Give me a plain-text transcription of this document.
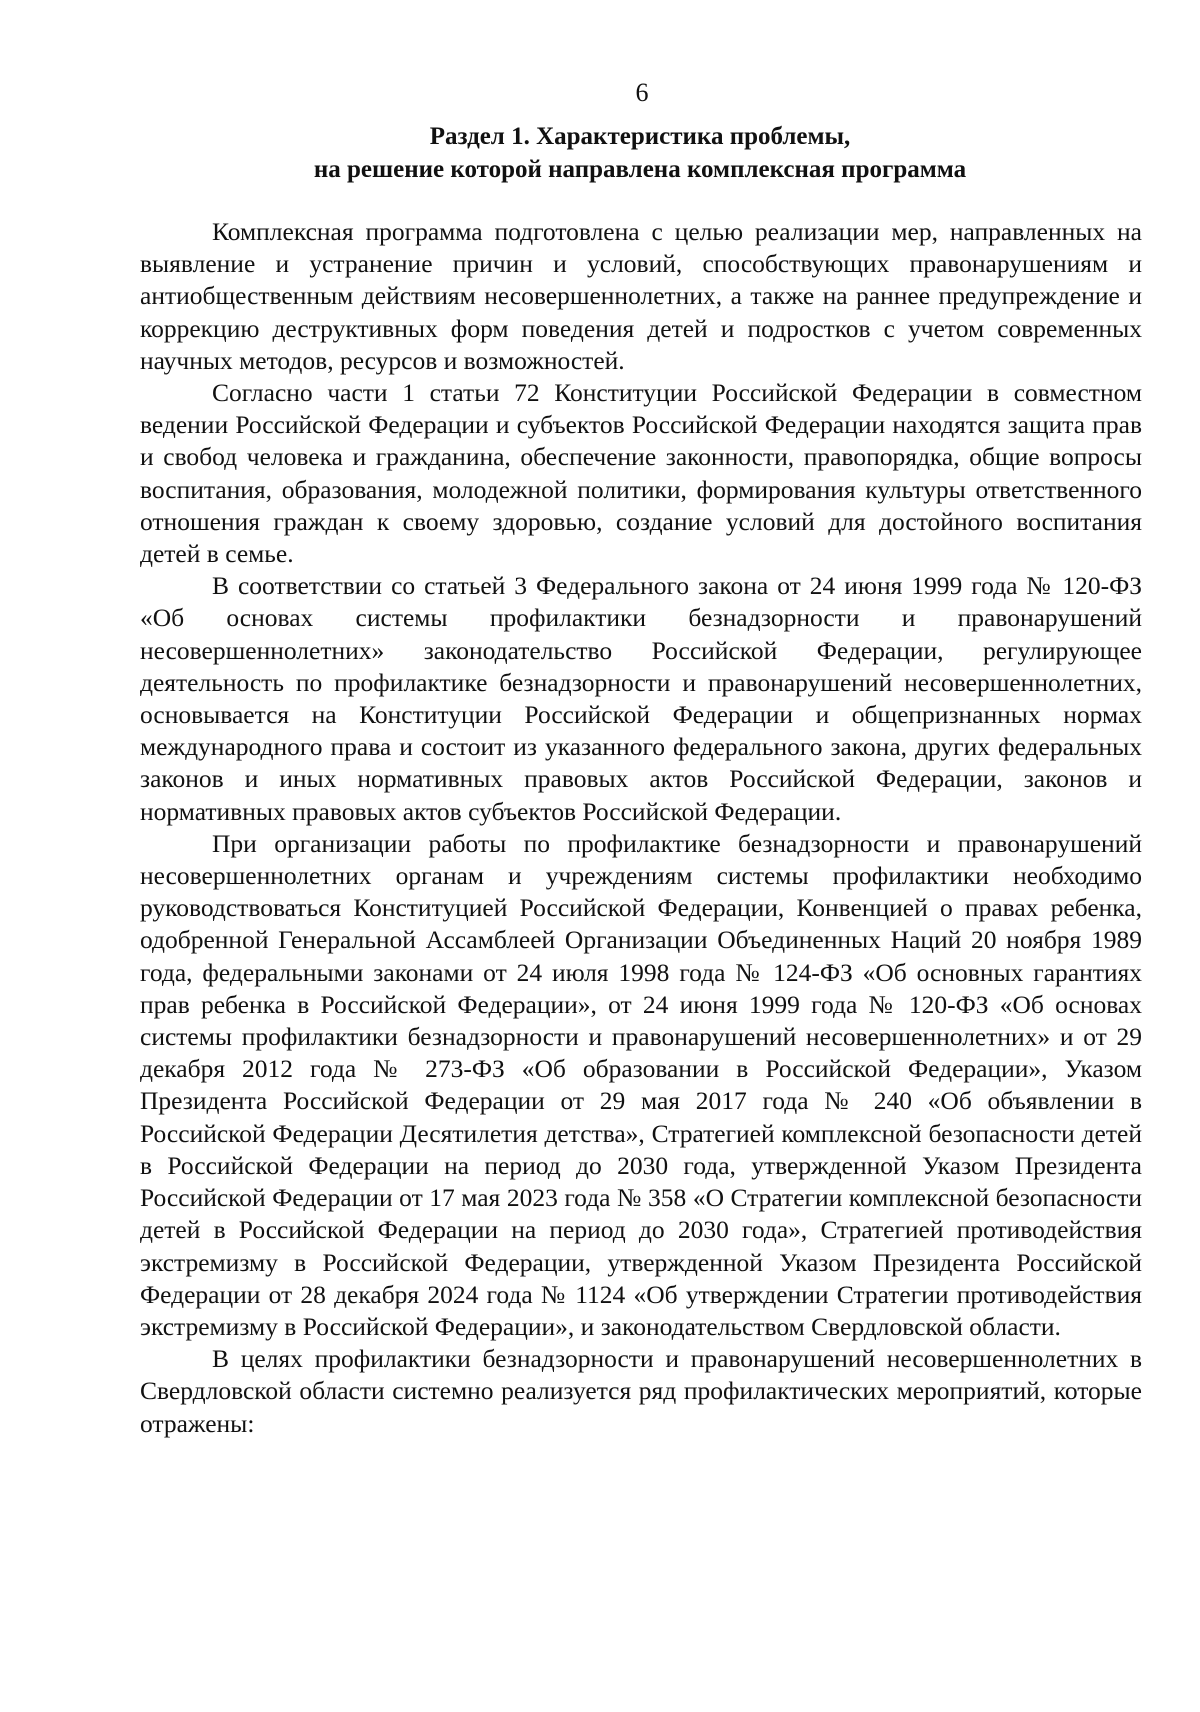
6
Раздел 1. Характеристика проблемы,
на решение которой направлена комплексная программа

Комплексная программа подготовлена с целью реализации мер, направленных на выявление и устранение причин и условий, способствующих правонарушениям и антиобщественным действиям несовершеннолетних, а также на раннее предупреждение и коррекцию деструктивных форм поведения детей и подростков с учетом современных научных методов, ресурсов и возможностей.

Согласно части 1 статьи 72 Конституции Российской Федерации в совместном ведении Российской Федерации и субъектов Российской Федерации находятся защита прав и свобод человека и гражданина, обеспечение законности, правопорядка, общие вопросы воспитания, образования, молодежной политики, формирования культуры ответственного отношения граждан к своему здоровью, создание условий для достойного воспитания детей в семье.

В соответствии со статьей 3 Федерального закона от 24 июня 1999 года № 120-ФЗ «Об основах системы профилактики безнадзорности и правонарушений несовершеннолетних» законодательство Российской Федерации, регулирующее деятельность по профилактике безнадзорности и правонарушений несовершеннолетних, основывается на Конституции Российской Федерации и общепризнанных нормах международного права и состоит из указанного федерального закона, других федеральных законов и иных нормативных правовых актов Российской Федерации, законов и нормативных правовых актов субъектов Российской Федерации.

При организации работы по профилактике безнадзорности и правонарушений несовершеннолетних органам и учреждениям системы профилактики необходимо руководствоваться Конституцией Российской Федерации, Конвенцией о правах ребенка, одобренной Генеральной Ассамблеей Организации Объединенных Наций 20 ноября 1989 года, федеральными законами от 24 июля 1998 года № 124-ФЗ «Об основных гарантиях прав ребенка в Российской Федерации», от 24 июня 1999 года № 120-ФЗ «Об основах системы профилактики безнадзорности и правонарушений несовершеннолетних» и от 29 декабря 2012 года № 273-ФЗ «Об образовании в Российской Федерации», Указом Президента Российской Федерации от 29 мая 2017 года № 240 «Об объявлении в Российской Федерации Десятилетия детства», Стратегией комплексной безопасности детей в Российской Федерации на период до 2030 года, утвержденной Указом Президента Российской Федерации от 17 мая 2023 года № 358 «О Стратегии комплексной безопасности детей в Российской Федерации на период до 2030 года», Стратегией противодействия экстремизму в Российской Федерации, утвержденной Указом Президента Российской Федерации от 28 декабря 2024 года № 1124 «Об утверждении Стратегии противодействия экстремизму в Российской Федерации», и законодательством Свердловской области.

В целях профилактики безнадзорности и правонарушений несовершеннолетних в Свердловской области системно реализуется ряд профилактических мероприятий, которые отражены:
